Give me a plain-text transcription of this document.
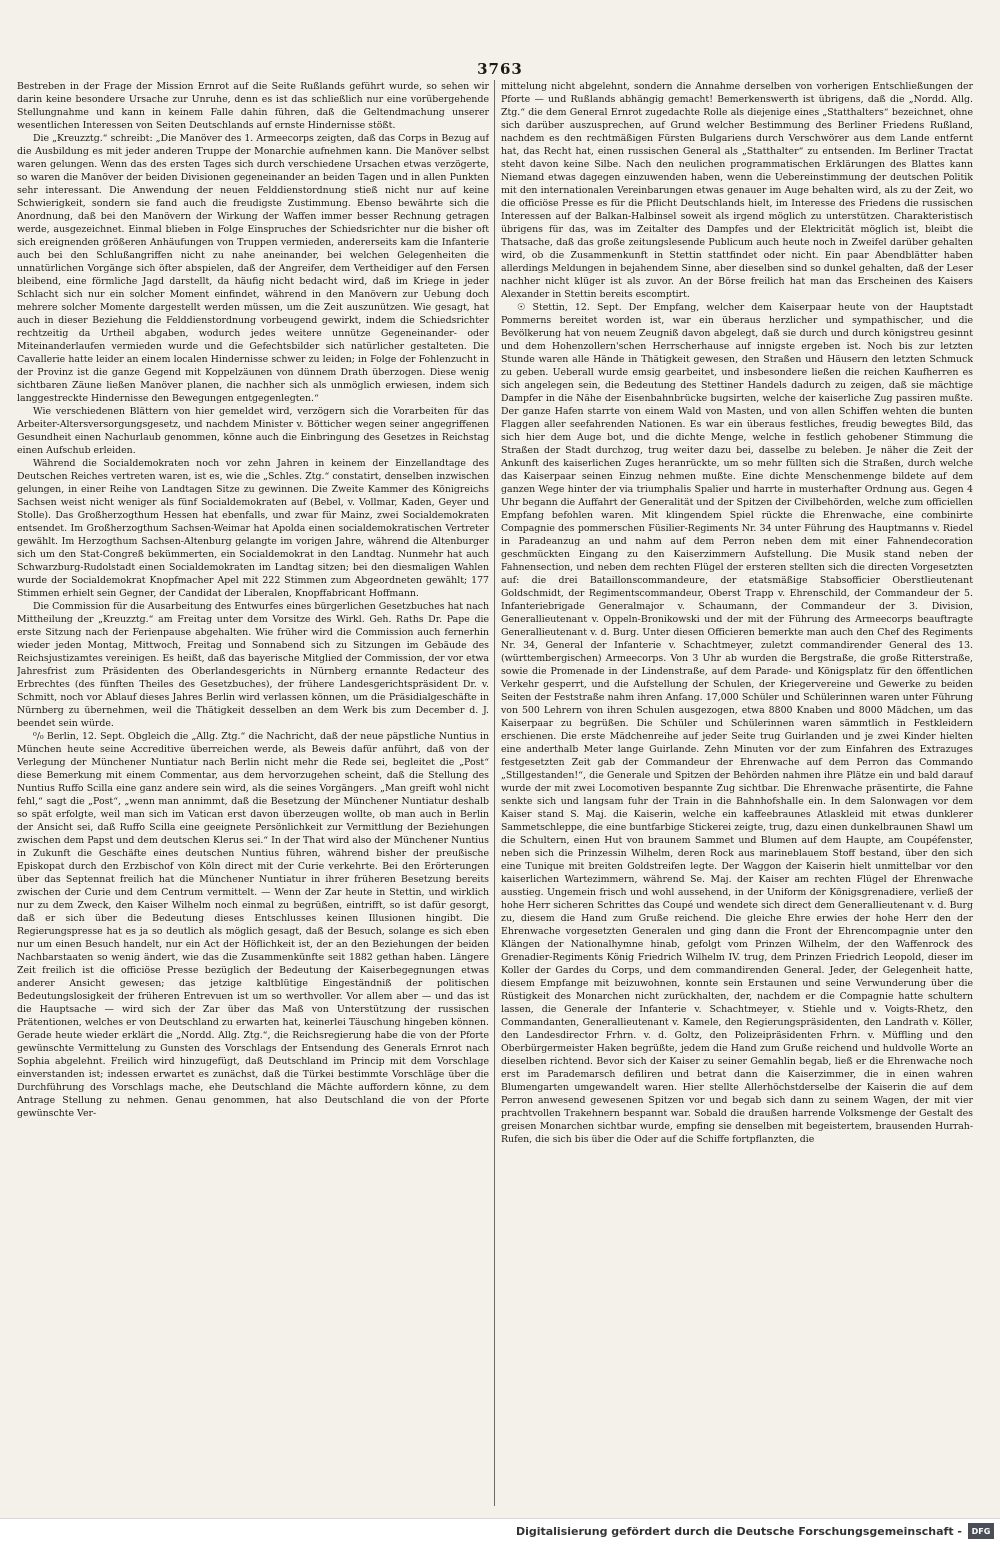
3763

Bestreben in der Frage der Mission Ernrot auf die Seite Rußlands geführt wurde, so sehen wir darin keine besondere Ursache zur Unruhe, denn es ist das schließlich nur eine vorübergehende Stellungnahme und kann in keinem Falle dahin führen, daß die Geltendmachung unserer wesentlichen Interessen von Seiten Deutschlands auf ernste Hindernisse stößt.

Die „Kreuzztg.“ schreibt: „Die Manöver des 1. Armeecorps zeigten, daß das Corps in Bezug auf die Ausbildung es mit jeder anderen Truppe der Monarchie aufnehmen kann. Die Manöver selbst waren gelungen. Wenn das des ersten Tages sich durch verschiedene Ursachen etwas verzögerte, so waren die Manöver der beiden Divisionen gegeneinander an beiden Tagen und in allen Punkten sehr interessant. Die Anwendung der neuen Felddienstordnung stieß nicht nur auf keine Schwierigkeit, sondern sie fand auch die freudigste Zustimmung. Ebenso bewährte sich die Anordnung, daß bei den Manövern der Wirkung der Waffen immer besser Rechnung getragen werde, ausgezeichnet. Einmal blieben in Folge Einspruches der Schiedsrichter nur die bisher oft sich ereignenden größeren Anhäufungen von Truppen vermieden, andererseits kam die Infanterie auch bei den Schlußangriffen nicht zu nahe aneinander, bei welchen Gelegenheiten die unnatürlichen Vorgänge sich öfter abspielen, daß der Angreifer, dem Vertheidiger auf den Fersen bleibend, eine förmliche Jagd darstellt, da häufig nicht bedacht wird, daß im Kriege in jeder Schlacht sich nur ein solcher Moment einfindet, während in den Manövern zur Uebung doch mehrere solcher Momente dargestellt werden müssen, um die Zeit auszunützen. Wie gesagt, hat auch in dieser Beziehung die Felddienstordnung vorbeugend gewirkt, indem die Schiedsrichter rechtzeitig da Urtheil abgaben, wodurch jedes weitere unnütze Gegeneinander- oder Miteinanderlaufen vermieden wurde und die Gefechtsbilder sich natürlicher gestalteten. Die Cavallerie hatte leider an einem localen Hindernisse schwer zu leiden; in Folge der Fohlenzucht in der Provinz ist die ganze Gegend mit Koppelzäunen von dünnem Drath überzogen. Diese wenig sichtbaren Zäune ließen Manöver planen, die nachher sich als unmöglich erwiesen, indem sich langgestreckte Hindernisse den Bewegungen entgegenlegten.“

Wie verschiedenen Blättern von hier gemeldet wird, verzögern sich die Vorarbeiten für das Arbeiter-Altersversorgungsgesetz, und nachdem Minister v. Bötticher wegen seiner angegriffenen Gesundheit einen Nachurlaub genommen, könne auch die Einbringung des Gesetzes in Reichstag einen Aufschub erleiden.

Während die Socialdemokraten noch vor zehn Jahren in keinem der Einzellandtage des Deutschen Reiches vertreten waren, ist es, wie die „Schles. Ztg.“ constatirt, denselben inzwischen gelungen, in einer Reihe von Landtagen Sitze zu gewinnen. Die Zweite Kammer des Königreichs Sachsen weist nicht weniger als fünf Socialdemokraten auf (Bebel, v. Vollmar, Kaden, Geyer und Stolle). Das Großherzogthum Hessen hat ebenfalls, und zwar für Mainz, zwei Socialdemokraten entsendet. Im Großherzogthum Sachsen-Weimar hat Apolda einen socialdemokratischen Vertreter gewählt. Im Herzogthum Sachsen-Altenburg gelangte im vorigen Jahre, während die Altenburger sich um den Stat-Congreß bekümmerten, ein Socialdemokrat in den Landtag. Nunmehr hat auch Schwarzburg-Rudolstadt einen Socialdemokraten im Landtag sitzen; bei den diesmaligen Wahlen wurde der Socialdemokrat Knopfmacher Apel mit 222 Stimmen zum Abgeordneten gewählt; 177 Stimmen erhielt sein Gegner, der Candidat der Liberalen, Knopffabricant Hoffmann.

Die Commission für die Ausarbeitung des Entwurfes eines bürgerlichen Gesetzbuches hat nach Mittheilung der „Kreuzztg.“ am Freitag unter dem Vorsitze des Wirkl. Geh. Raths Dr. Pape die erste Sitzung nach der Ferienpause abgehalten. Wie früher wird die Commission auch fernerhin wieder jeden Montag, Mittwoch, Freitag und Sonnabend sich zu Sitzungen im Gebäude des Reichsjustizamtes vereinigen. Es heißt, daß das bayerische Mitglied der Commission, der vor etwa Jahresfrist zum Präsidenten des Oberlandesgerichts in Nürnberg ernannte Redacteur des Erbrechtes (des fünften Theiles des Gesetzbuches), der frühere Landesgerichtspräsident Dr. v. Schmitt, noch vor Ablauf dieses Jahres Berlin wird verlassen können, um die Präsidialgeschäfte in Nürnberg zu übernehmen, weil die Thätigkeit desselben an dem Werk bis zum December d. J. beendet sein würde.

⁰/₀ Berlin, 12. Sept. Obgleich die „Allg. Ztg.“ die Nachricht, daß der neue päpstliche Nuntius in München heute seine Accreditive überreichen werde, als Beweis dafür anführt, daß von der Verlegung der Münchener Nuntiatur nach Berlin nicht mehr die Rede sei, begleitet die „Post“ diese Bemerkung mit einem Commentar, aus dem hervorzugehen scheint, daß die Stellung des Nuntius Ruffo Scilla eine ganz andere sein wird, als die seines Vorgängers. „Man greift wohl nicht fehl,“ sagt die „Post“, „wenn man annimmt, daß die Besetzung der Münchener Nuntiatur deshalb so spät erfolgte, weil man sich im Vatican erst davon überzeugen wollte, ob man auch in Berlin der Ansicht sei, daß Ruffo Scilla eine geeignete Persönlichkeit zur Vermittlung der Beziehungen zwischen dem Papst und dem deutschen Klerus sei.“ In der That wird also der Münchener Nuntius in Zukunft die Geschäfte eines deutschen Nuntius führen, während bisher der preußische Episkopat durch den Erzbischof von Köln direct mit der Curie verkehrte. Bei den Erörterungen über das Septennat freilich hat die Münchener Nuntiatur in ihrer früheren Besetzung bereits zwischen der Curie und dem Centrum vermittelt. — Wenn der Zar heute in Stettin, und wirklich nur zu dem Zweck, den Kaiser Wilhelm noch einmal zu begrüßen, eintrifft, so ist dafür gesorgt, daß er sich über die Bedeutung dieses Entschlusses keinen Illusionen hingibt. Die Regierungspresse hat es ja so deutlich als möglich gesagt, daß der Besuch, solange es sich eben nur um einen Besuch handelt, nur ein Act der Höflichkeit ist, der an den Beziehungen der beiden Nachbarstaaten so wenig ändert, wie das die Zusammenkünfte seit 1882 gethan haben. Längere Zeit freilich ist die officiöse Presse bezüglich der Bedeutung der Kaiserbegegnungen etwas anderer Ansicht gewesen; das jetzige kaltblütige Eingeständniß der politischen Bedeutungslosigkeit der früheren Entrevuen ist um so werthvoller. Vor allem aber — und das ist die Hauptsache — wird sich der Zar über das Maß von Unterstützung der russischen Prätentionen, welches er von Deutschland zu erwarten hat, keinerlei Täuschung hingeben können. Gerade heute wieder erklärt die „Nordd. Allg. Ztg.“, die Reichsregierung habe die von der Pforte gewünschte Vermittelung zu Gunsten des Vorschlags der Entsendung des Generals Ernrot nach Sophia abgelehnt. Freilich wird hinzugefügt, daß Deutschland im Princip mit dem Vorschlage einverstanden ist; indessen erwartet es zunächst, daß die Türkei bestimmte Vorschläge über die Durchführung des Vorschlags mache, ehe Deutschland die Mächte auffordern könne, zu dem Antrage Stellung zu nehmen. Genau genommen, hat also Deutschland die von der Pforte gewünschte Ver-

mittelung nicht abgelehnt, sondern die Annahme derselben von vorherigen Entschließungen der Pforte — und Rußlands abhängig gemacht! Bemerkenswerth ist übrigens, daß die „Nordd. Allg. Ztg.“ die dem General Ernrot zugedachte Rolle als diejenige eines „Statthalters“ bezeichnet, ohne sich darüber auszusprechen, auf Grund welcher Bestimmung des Berliner Friedens Rußland, nachdem es den rechtmäßigen Fürsten Bulgariens durch Verschwörer aus dem Lande entfernt hat, das Recht hat, einen russischen General als „Statthalter“ zu entsenden. Im Berliner Tractat steht davon keine Silbe. Nach den neulichen programmatischen Erklärungen des Blattes kann Niemand etwas dagegen einzuwenden haben, wenn die Uebereinstimmung der deutschen Politik mit den internationalen Vereinbarungen etwas genauer im Auge behalten wird, als zu der Zeit, wo die officiöse Presse es für die Pflicht Deutschlands hielt, im Interesse des Friedens die russischen Interessen auf der Balkan-Halbinsel soweit als irgend möglich zu unterstützen. Charakteristisch übrigens für das, was im Zeitalter des Dampfes und der Elektricität möglich ist, bleibt die Thatsache, daß das große zeitungslesende Publicum auch heute noch in Zweifel darüber gehalten wird, ob die Zusammenkunft in Stettin stattfindet oder nicht. Ein paar Abendblätter haben allerdings Meldungen in bejahendem Sinne, aber dieselben sind so dunkel gehalten, daß der Leser nachher nicht klüger ist als zuvor. An der Börse freilich hat man das Erscheinen des Kaisers Alexander in Stettin bereits escomptirt.

☉ Stettin, 12. Sept. Der Empfang, welcher dem Kaiserpaar heute von der Hauptstadt Pommerns bereitet worden ist, war ein überaus herzlicher und sympathischer, und die Bevölkerung hat von neuem Zeugniß davon abgelegt, daß sie durch und durch königstreu gesinnt und dem Hohenzollern'schen Herrscherhause auf innigste ergeben ist. Noch bis zur letzten Stunde waren alle Hände in Thätigkeit gewesen, den Straßen und Häusern den letzten Schmuck zu geben. Ueberall wurde emsig gearbeitet, und insbesondere ließen die reichen Kaufherren es sich angelegen sein, die Bedeutung des Stettiner Handels dadurch zu zeigen, daß sie mächtige Dampfer in die Nähe der Eisenbahnbrücke bugsirten, welche der kaiserliche Zug passiren mußte. Der ganze Hafen starrte von einem Wald von Masten, und von allen Schiffen wehten die bunten Flaggen aller seefahrenden Nationen. Es war ein überaus festliches, freudig bewegtes Bild, das sich hier dem Auge bot, und die dichte Menge, welche in festlich gehobener Stimmung die Straßen der Stadt durchzog, trug weiter dazu bei, dasselbe zu beleben. Je näher die Zeit der Ankunft des kaiserlichen Zuges heranrückte, um so mehr füllten sich die Straßen, durch welche das Kaiserpaar seinen Einzug nehmen mußte. Eine dichte Menschenmenge bildete auf dem ganzen Wege hinter der via triumphalis Spalier und harrte in musterhafter Ordnung aus. Gegen 4 Uhr begann die Auffahrt der Generalität und der Spitzen der Civilbehörden, welche zum officiellen Empfang befohlen waren. Mit klingendem Spiel rückte die Ehrenwache, eine combinirte Compagnie des pommerschen Füsilier-Regiments Nr. 34 unter Führung des Hauptmanns v. Riedel in Paradeanzug an und nahm auf dem Perron neben dem mit einer Fahnendecoration geschmückten Eingang zu den Kaiserzimmern Aufstellung. Die Musik stand neben der Fahnensection, und neben dem rechten Flügel der ersteren stellten sich die directen Vorgesetzten auf: die drei Bataillonscommandeure, der etatsmäßige Stabsofficier Oberstlieutenant Goldschmidt, der Regimentscommandeur, Oberst Trapp v. Ehrenschild, der Commandeur der 5. Infanteriebrigade Generalmajor v. Schaumann, der Commandeur der 3. Division, Generallieutenant v. Oppeln-Bronikowski und der mit der Führung des Armeecorps beauftragte Generallieutenant v. d. Burg. Unter diesen Officieren bemerkte man auch den Chef des Regiments Nr. 34, General der Infanterie v. Schachtmeyer, zuletzt commandirender General des 13. (württembergischen) Armeecorps. Von 3 Uhr ab wurden die Bergstraße, die große Ritterstraße, sowie die Promenade in der Lindenstraße, auf dem Parade- und Königsplatz für den öffentlichen Verkehr gesperrt, und die Aufstellung der Schulen, der Kriegervereine und Gewerke zu beiden Seiten der Feststraße nahm ihren Anfang. 17,000 Schüler und Schülerinnen waren unter Führung von 500 Lehrern von ihren Schulen ausgezogen, etwa 8800 Knaben und 8000 Mädchen, um das Kaiserpaar zu begrüßen. Die Schüler und Schülerinnen waren sämmtlich in Festkleidern erschienen. Die erste Mädchenreihe auf jeder Seite trug Guirlanden und je zwei Kinder hielten eine anderthalb Meter lange Guirlande. Zehn Minuten vor der zum Einfahren des Extrazuges festgesetzten Zeit gab der Commandeur der Ehrenwache auf dem Perron das Commando „Stillgestanden!“, die Generale und Spitzen der Behörden nahmen ihre Plätze ein und bald darauf wurde der mit zwei Locomotiven bespannte Zug sichtbar. Die Ehrenwache präsentirte, die Fahne senkte sich und langsam fuhr der Train in die Bahnhofshalle ein. In dem Salonwagen vor dem Kaiser stand S. Maj. die Kaiserin, welche ein kaffeebraunes Atlaskleid mit etwas dunklerer Sammetschleppe, die eine buntfarbige Stickerei zeigte, trug, dazu einen dunkelbraunen Shawl um die Schultern, einen Hut von braunem Sammet und Blumen auf dem Haupte, am Coupéfenster, neben sich die Prinzessin Wilhelm, deren Rock aus marineblauem Stoff bestand, über den sich eine Tunique mit breiten Goldstreifen legte. Der Waggon der Kaiserin hielt unmittelbar vor den kaiserlichen Wartezimmern, während Se. Maj. der Kaiser am rechten Flügel der Ehrenwache ausstieg. Ungemein frisch und wohl aussehend, in der Uniform der Königsgrenadiere, verließ der hohe Herr sicheren Schrittes das Coupé und wendete sich direct dem Generallieutenant v. d. Burg zu, diesem die Hand zum Gruße reichend. Die gleiche Ehre erwies der hohe Herr den der Ehrenwache vorgesetzten Generalen und ging dann die Front der Ehrencompagnie unter den Klängen der Nationalhymne hinab, gefolgt vom Prinzen Wilhelm, der den Waffenrock des Grenadier-Regiments König Friedrich Wilhelm IV. trug, dem Prinzen Friedrich Leopold, dieser im Koller der Gardes du Corps, und dem commandirenden General. Jeder, der Gelegenheit hatte, diesem Empfange mit beizuwohnen, konnte sein Erstaunen und seine Verwunderung über die Rüstigkeit des Monarchen nicht zurückhalten, der, nachdem er die Compagnie hatte schultern lassen, die Generale der Infanterie v. Schachtmeyer, v. Stiehle und v. Voigts-Rhetz, den Commandanten, Generallieutenant v. Kamele, den Regierungspräsidenten, den Landrath v. Köller, den Landesdirector Frhrn. v. d. Goltz, den Polizeipräsidenten Frhrn. v. Müffling und den Oberbürgermeister Haken begrüßte, jedem die Hand zum Gruße reichend und huldvolle Worte an dieselben richtend. Bevor sich der Kaiser zu seiner Gemahlin begab, ließ er die Ehrenwache noch erst im Parademarsch defiliren und betrat dann die Kaiserzimmer, die in einen wahren Blumengarten umgewandelt waren. Hier stellte Allerhöchstderselbe der Kaiserin die auf dem Perron anwesend gewesenen Spitzen vor und begab sich dann zu seinem Wagen, der mit vier prachtvollen Trakehnern bespannt war. Sobald die draußen harrende Volksmenge der Gestalt des greisen Monarchen sichtbar wurde, empfing sie denselben mit begeistertem, brausenden Hurrah-Rufen, die sich bis über die Oder auf die Schiffe fortpflanzten, die

Digitalisierung gefördert durch die Deutsche Forschungsgemeinschaft -	DFG
